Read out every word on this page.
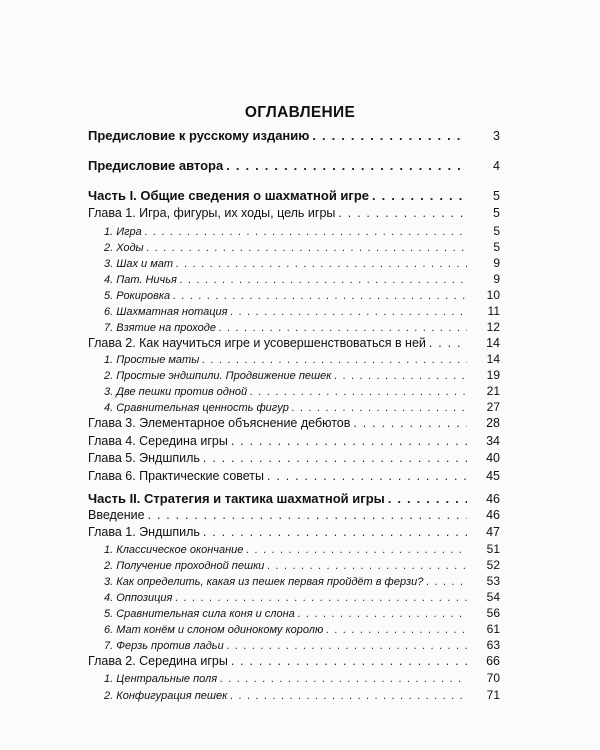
ОГЛАВЛЕНИЕ
Предисловие к русскому изданию . . .	3
Предисловие автора . . .	4
Часть I. Общие сведения о шахматной игре . . .	5
Глава 1. Игра, фигуры, их ходы, цель игры . . .	5
1. Игра . . .	5
2. Ходы . . .	5
3. Шах и мат . . .	9
4. Пат. Ничья . . .	9
5. Рокировка . . .	10
6. Шахматная нотация . . .	11
7. Взятие на проходе . . .	12
Глава 2. Как научиться игре и усовершенствоваться в ней . . .	14
1. Простые маты . . .	14
2. Простые эндшпили. Продвижение пешек . . .	19
3. Две пешки против одной . . .	21
4. Сравнительная ценность фигур . . .	27
Глава 3. Элементарное объяснение дебютов . . .	28
Глава 4. Середина игры . . .	34
Глава 5. Эндшпиль . . .	40
Глава 6. Практические советы . . .	45
Часть II. Стратегия и тактика шахматной игры . . .	46
Введение . . .	46
Глава 1. Эндшпиль . . .	47
1. Классическое окончание . . .	51
2. Получение проходной пешки . . .	52
3. Как определить, какая из пешек первая пройдёт в ферзи? . . .	53
4. Оппозиция . . .	54
5. Сравнительная сила коня и слона . . .	56
6. Мат конём и слоном одинокому королю . . .	61
7. Ферзь против ладьи . . .	63
Глава 2. Середина игры . . .	66
1. Центральные поля . . .	70
2. Конфигурация пешек . . .	71
